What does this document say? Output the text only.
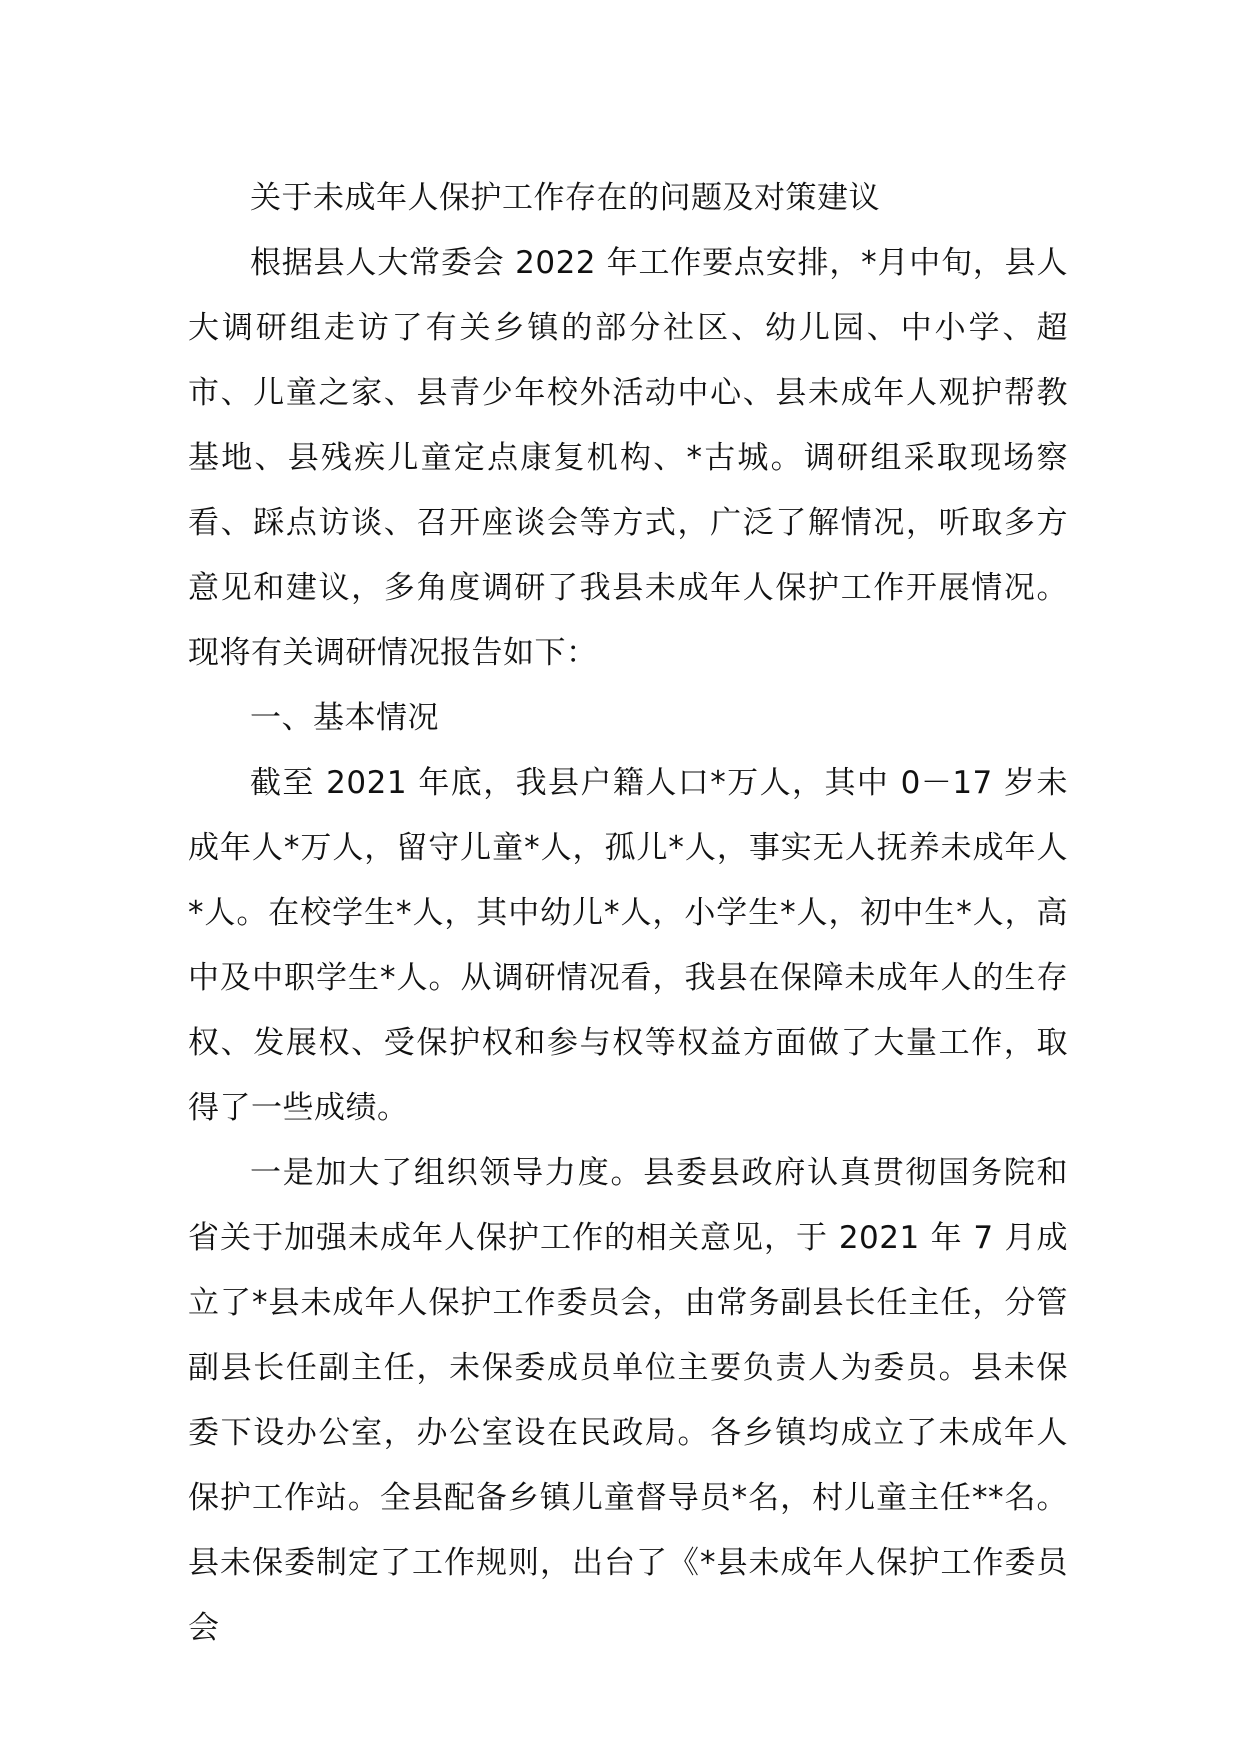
关于未成年人保护工作存在的问题及对策建议

根据县人大常委会 2022 年工作要点安排，*月中旬，县人大调研组走访了有关乡镇的部分社区、幼儿园、中小学、超市、儿童之家、县青少年校外活动中心、县未成年人观护帮教基地、县残疾儿童定点康复机构、*古城。调研组采取现场察看、踩点访谈、召开座谈会等方式，广泛了解情况，听取多方意见和建议，多角度调研了我县未成年人保护工作开展情况。现将有关调研情况报告如下：

一、基本情况

截至 2021 年底，我县户籍人口*万人，其中 0－17 岁未成年人*万人，留守儿童*人，孤儿*人，事实无人抚养未成年人*人。在校学生*人，其中幼儿*人，小学生*人，初中生*人，高中及中职学生*人。从调研情况看，我县在保障未成年人的生存权、发展权、受保护权和参与权等权益方面做了大量工作，取得了一些成绩。

一是加大了组织领导力度。县委县政府认真贯彻国务院和省关于加强未成年人保护工作的相关意见，于 2021 年 7 月成立了*县未成年人保护工作委员会，由常务副县长任主任，分管副县长任副主任，未保委成员单位主要负责人为委员。县未保委下设办公室，办公室设在民政局。各乡镇均成立了未成年人保护工作站。全县配备乡镇儿童督导员*名，村儿童主任**名。县未保委制定了工作规则，出台了《*县未成年人保护工作委员会
